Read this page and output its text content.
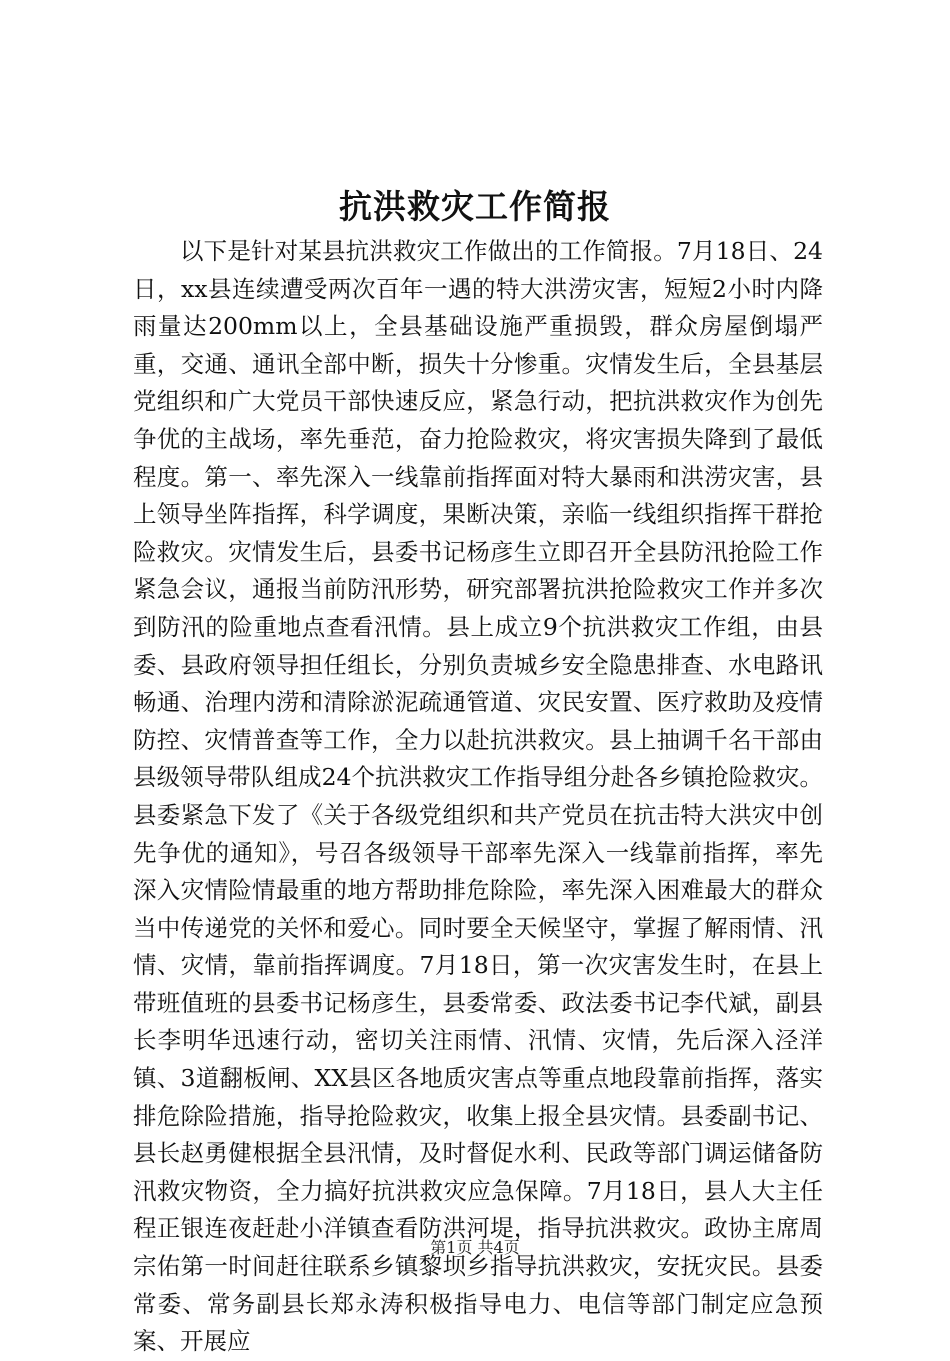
抗洪救灾工作简报

以下是针对某县抗洪救灾工作做出的工作简报。7月18日、24日，xx县连续遭受两次百年一遇的特大洪涝灾害，短短2小时内降雨量达200mm以上，全县基础设施严重损毁，群众房屋倒塌严重，交通、通讯全部中断，损失十分惨重。灾情发生后，全县基层党组织和广大党员干部快速反应，紧急行动，把抗洪救灾作为创先争优的主战场，率先垂范，奋力抢险救灾，将灾害损失降到了最低程度。第一、率先深入一线靠前指挥面对特大暴雨和洪涝灾害，县上领导坐阵指挥，科学调度，果断决策，亲临一线组织指挥干群抢险救灾。灾情发生后，县委书记杨彦生立即召开全县防汛抢险工作紧急会议，通报当前防汛形势，研究部署抗洪抢险救灾工作并多次到防汛的险重地点查看汛情。县上成立9个抗洪救灾工作组，由县委、县政府领导担任组长，分别负责城乡安全隐患排查、水电路讯畅通、治理内涝和清除淤泥疏通管道、灾民安置、医疗救助及疫情防控、灾情普查等工作，全力以赴抗洪救灾。县上抽调千名干部由县级领导带队组成24个抗洪救灾工作指导组分赴各乡镇抢险救灾。县委紧急下发了《关于各级党组织和共产党员在抗击特大洪灾中创先争优的通知》，号召各级领导干部率先深入一线靠前指挥，率先深入灾情险情最重的地方帮助排危除险，率先深入困难最大的群众当中传递党的关怀和爱心。同时要全天候坚守，掌握了解雨情、汛情、灾情，靠前指挥调度。7月18日，第一次灾害发生时，在县上带班值班的县委书记杨彦生，县委常委、政法委书记李代斌，副县长李明华迅速行动，密切关注雨情、汛情、灾情，先后深入泾洋镇、3道翻板闸、XX县区各地质灾害点等重点地段靠前指挥，落实排危除险措施，指导抢险救灾，收集上报全县灾情。县委副书记、县长赵勇健根据全县汛情，及时督促水利、民政等部门调运储备防汛救灾物资，全力搞好抗洪救灾应急保障。7月18日，县人大主任程正银连夜赶赴小洋镇查看防洪河堤，指导抗洪救灾。政协主席周宗佑第一时间赶往联系乡镇黎坝乡指导抗洪救灾，安抚灾民。县委常委、常务副县长郑永涛积极指导电力、电信等部门制定应急预案、开展应

第1页 共4页
